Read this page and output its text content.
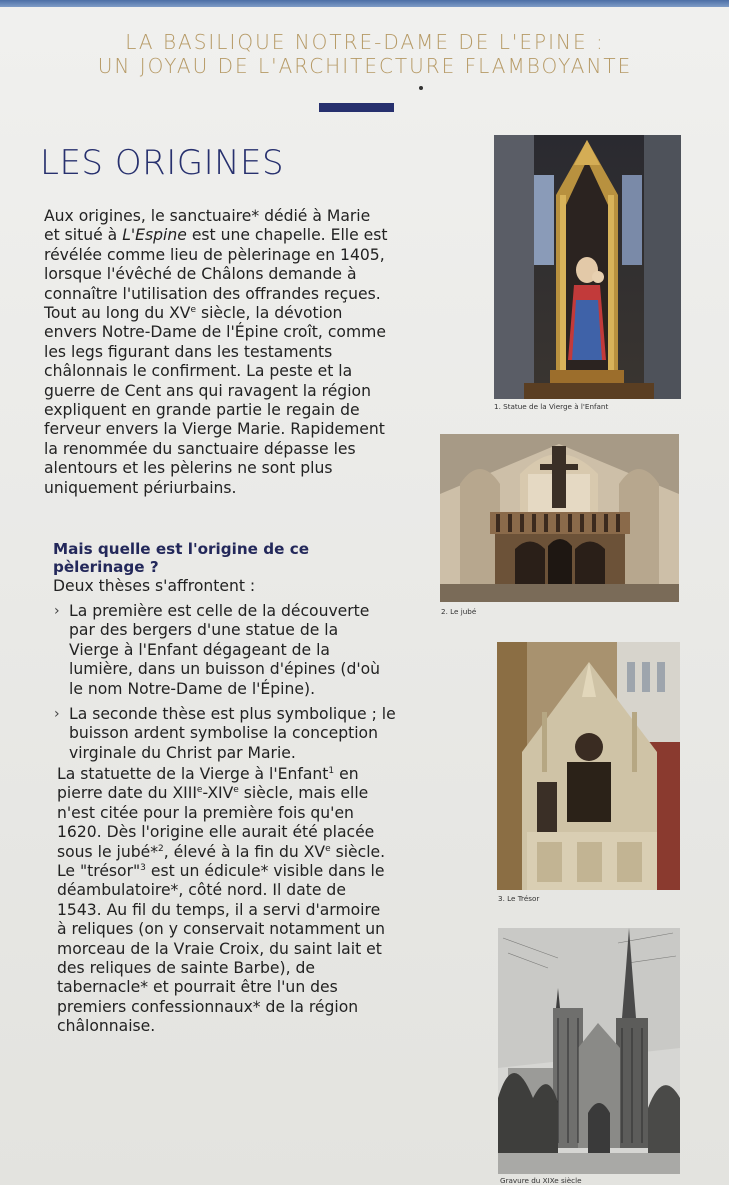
LA BASILIQUE NOTRE-DAME DE L'EPINE :
UN JOYAU DE L'ARCHITECTURE FLAMBOYANTE
LES ORIGINES
Aux origines, le sanctuaire* dédié à Marie et situé à L'Espine est une chapelle. Elle est révélée comme lieu de pèlerinage en 1405, lorsque l'évêché de Châlons demande à connaître l'utilisation des offrandes reçues. Tout au long du XVe siècle, la dévotion envers Notre-Dame de l'Épine croît, comme les legs figurant dans les testaments châlonnais le confirment. La peste et la guerre de Cent ans qui ravagent la région expliquent en grande partie le regain de ferveur envers la Vierge Marie. Rapidement la renommée du sanctuaire dépasse les alentours et les pèlerins ne sont plus uniquement périurbains.
Mais quelle est l'origine de ce pèlerinage ?
Deux thèses s'affrontent :
› La première est celle de la découverte par des bergers d'une statue de la Vierge à l'Enfant dégageant de la lumière, dans un buisson d'épines (d'où le nom Notre-Dame de l'Épine).
› La seconde thèse est plus symbolique ; le buisson ardent symbolise la conception virginale du Christ par Marie.
La statuette de la Vierge à l'Enfant$^1$ en pierre date du XIIIe-XIVe siècle, mais elle n'est citée pour la première fois qu'en 1620. Dès l'origine elle aurait été placée sous le jubé*$^2$, élevé à la fin du XVe siècle. Le "trésor"$^3$ est un édicule* visible dans le déambulatoire*, côté nord. Il date de 1543. Au fil du temps, il a servi d'armoire à reliques (on y conservait notamment un morceau de la Vraie Croix, du saint lait et des reliques de sainte Barbe), de tabernacle* et pourrait être l'un des premiers confessionnaux* de la région châlonnaise.
1. Statue de la Vierge à l'Enfant
2. Le jubé
3. Le Trésor
Gravure du XIXe siècle
